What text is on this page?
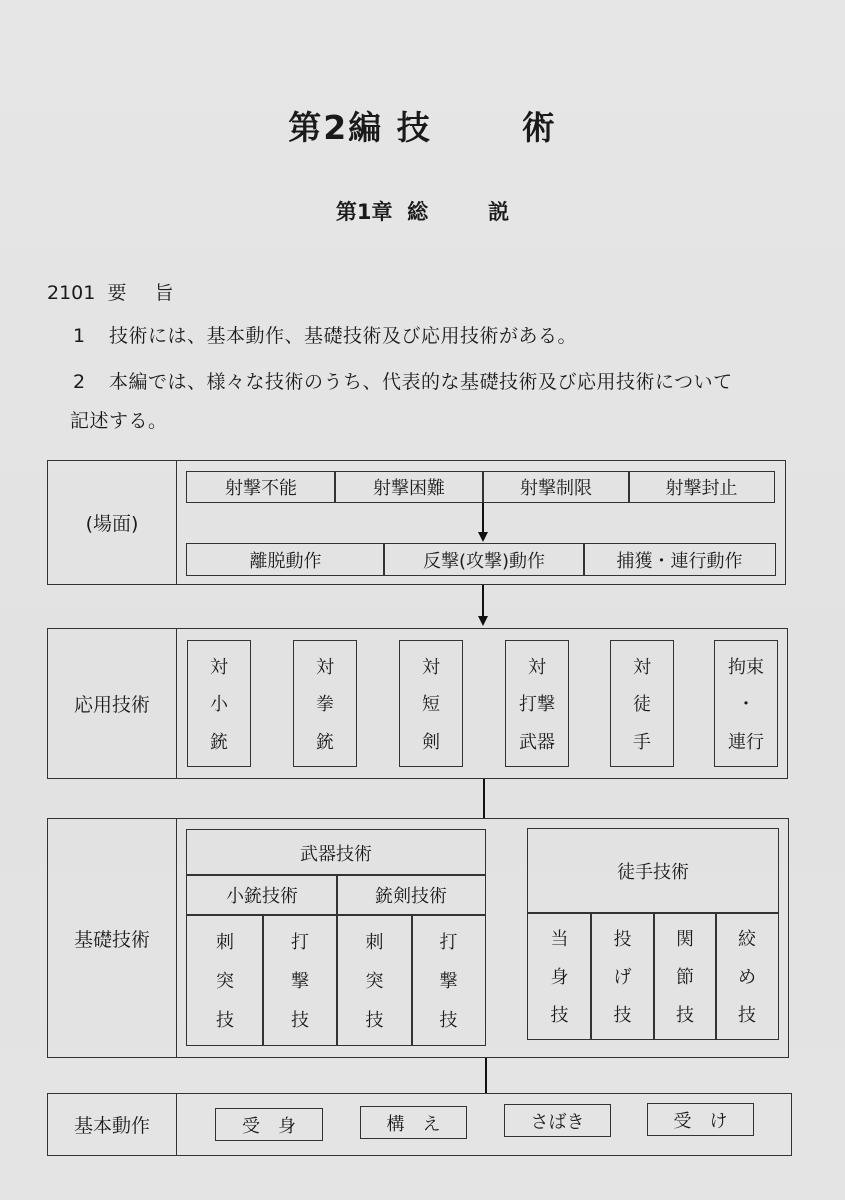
第2編 技	術
第1章 総	説
2101 要 旨
1 技術には、基本動作、基礎技術及び応用技術がある。
2 本編では、様々な技術のうち、代表的な基礎技術及び応用技術について
記述する。
(場面)
射撃不能	射撃困難	射撃制限	射撃封止
離脱動作	反撃(攻撃)動作	捕獲・連行動作
応用技術
対
小
銃
対
拳
銃
対
短
剣
対
打撃
武器
対
徒
手
拘束
・
連行
基礎技術
武器技術
小銃技術	銃剣技術
刺
突
技
打
撃
技
刺
突
技
打
撃
技
徒手技術
当
身
技
投
げ
技
関
節
技
絞
め
技
基本動作	受　身	構　え	さばき	受　け
